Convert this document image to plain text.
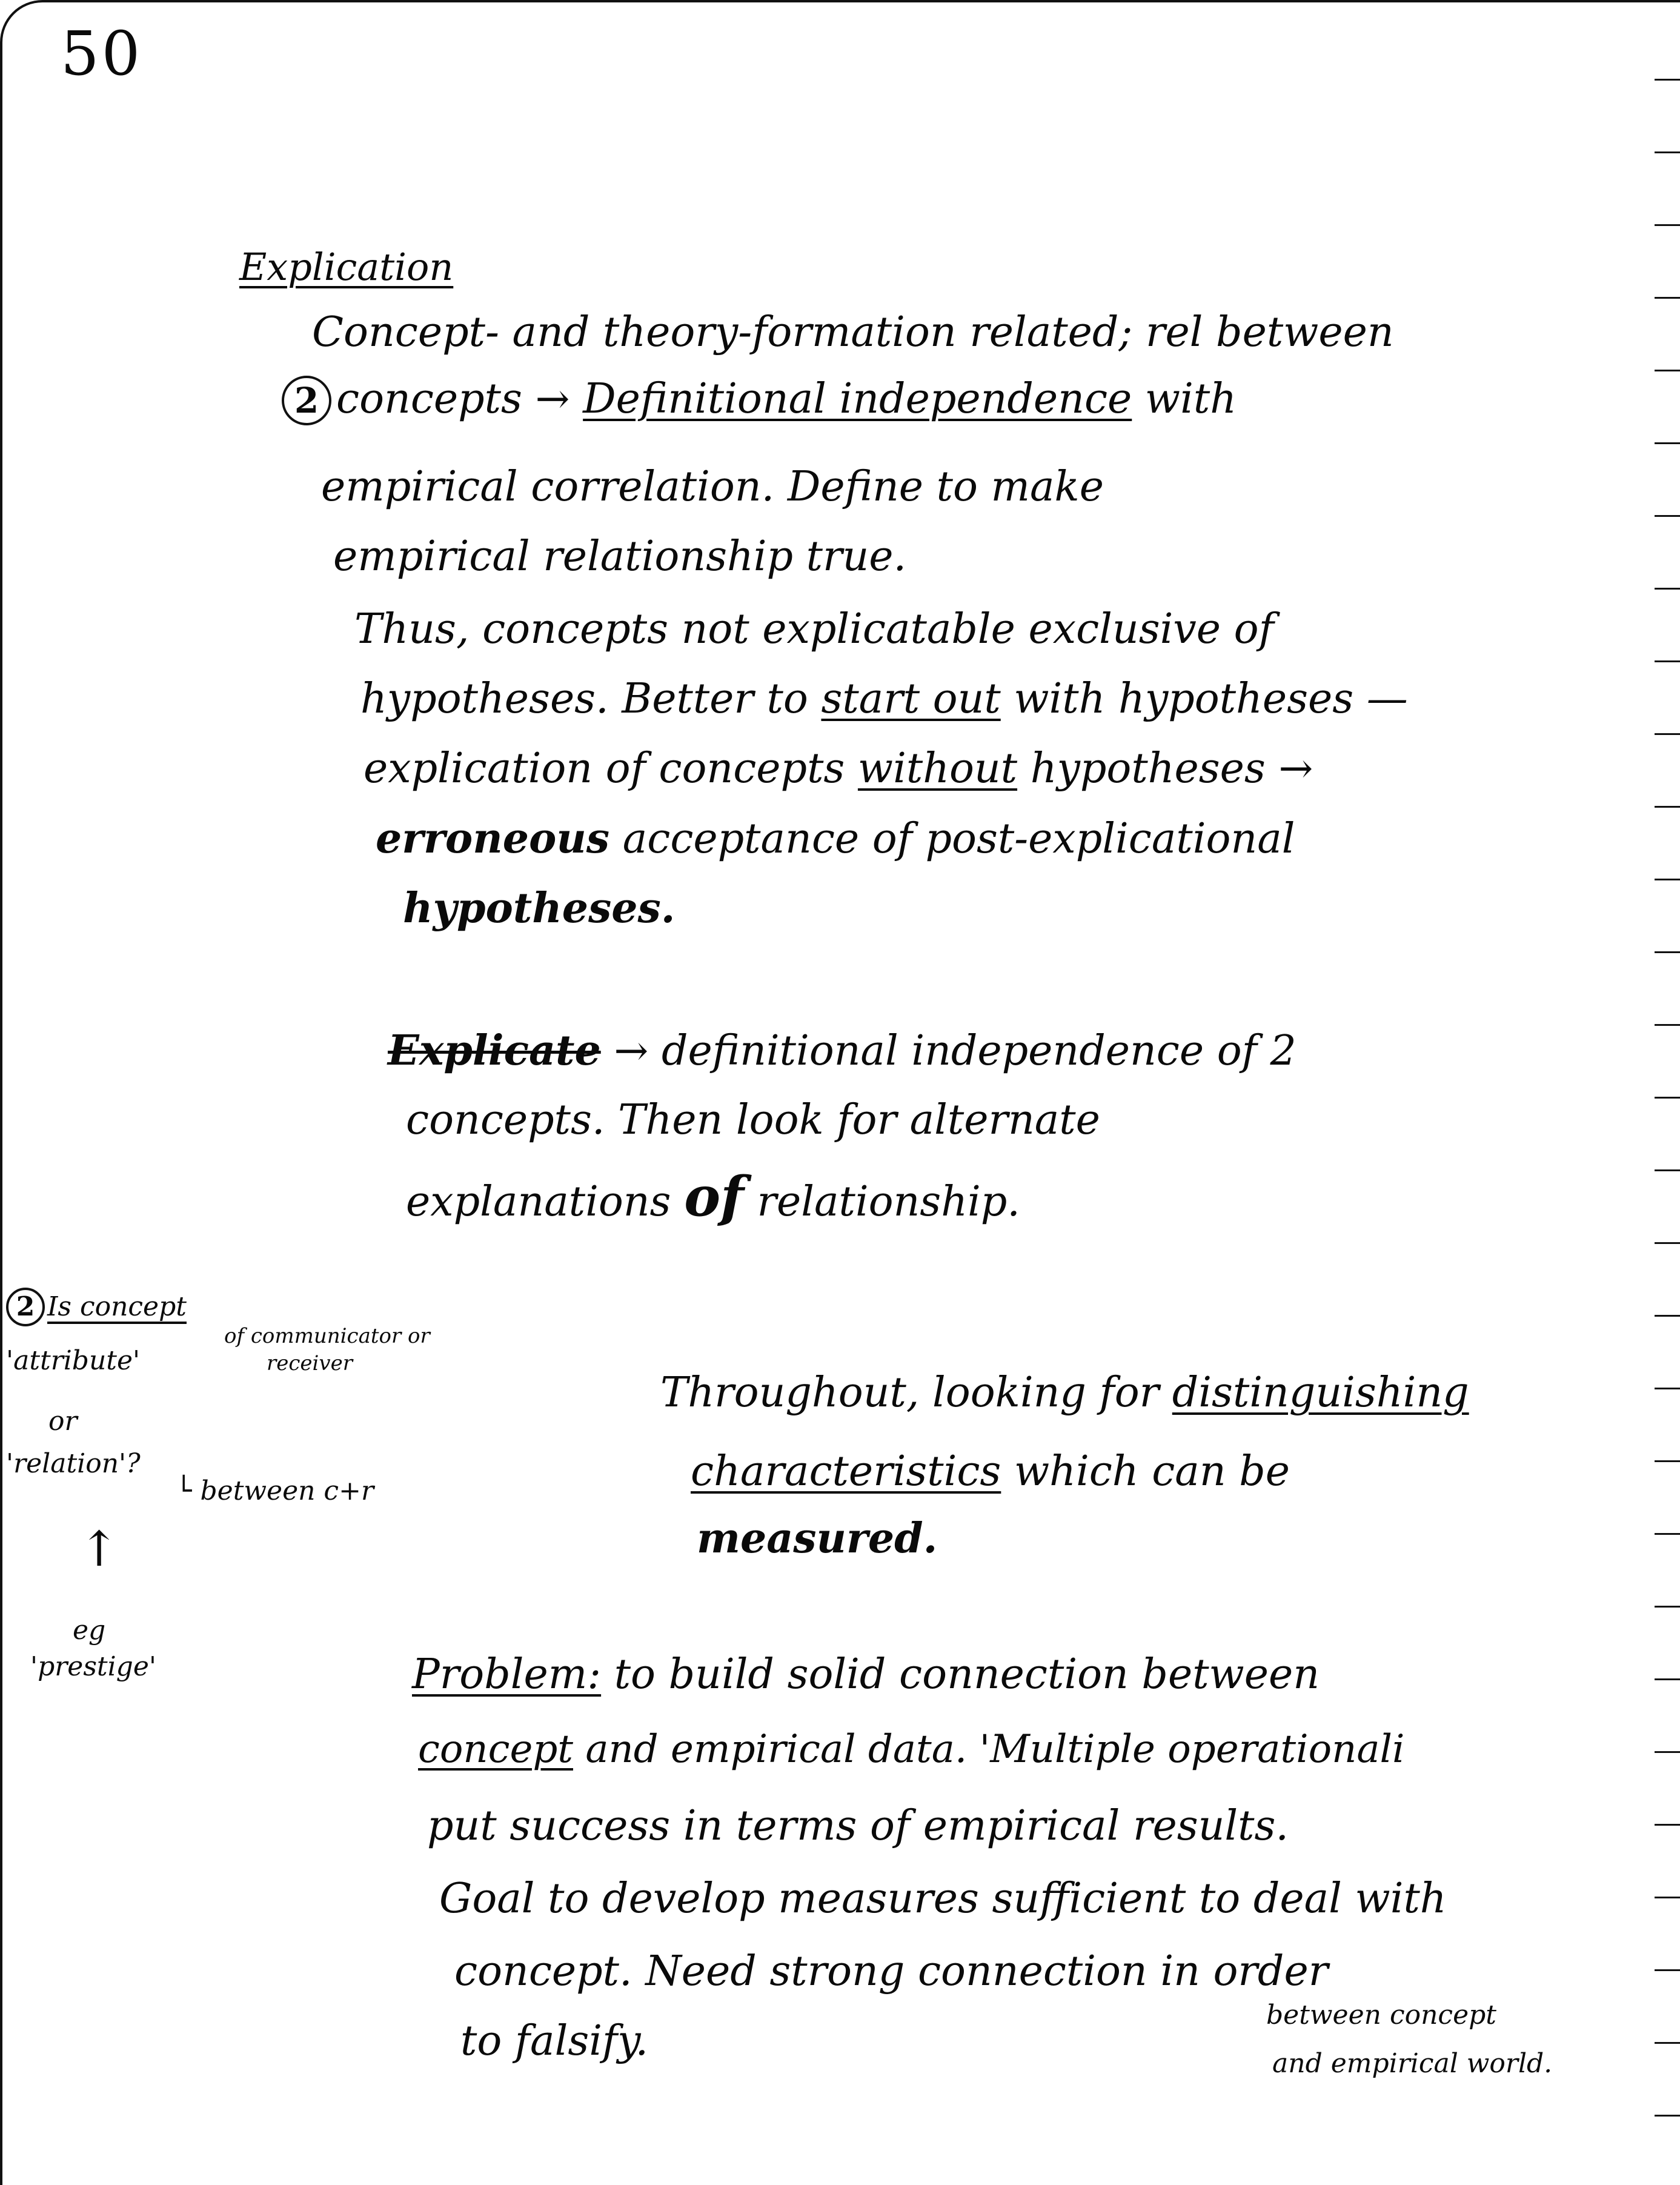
50
Explication
Concept- and theory-formation related; rel between
2 concepts → Definitional independence with
empirical correlation. Define to make
empirical relationship true.
Thus, concepts not explicatable exclusive of
hypotheses. Better to start out with hypotheses —
explication of concepts without hypotheses →
erroneous acceptance of post-explicational
hypotheses.
Explicate → definitional independence of 2
concepts. Then look for alternate
explanations of relationship.
2 Is concept
'attribute'
of communicator or
receiver
or
'relation'?
└ between c+r
↑
eg
'prestige'
Throughout, looking for distinguishing
characteristics which can be
measured.
Problem: to build solid connection between
concept and empirical data. 'Multiple operationali
put success in terms of empirical results.
Goal to develop measures sufficient to deal with
concept. Need strong connection in order
to falsify.
between concept
and empirical world.
